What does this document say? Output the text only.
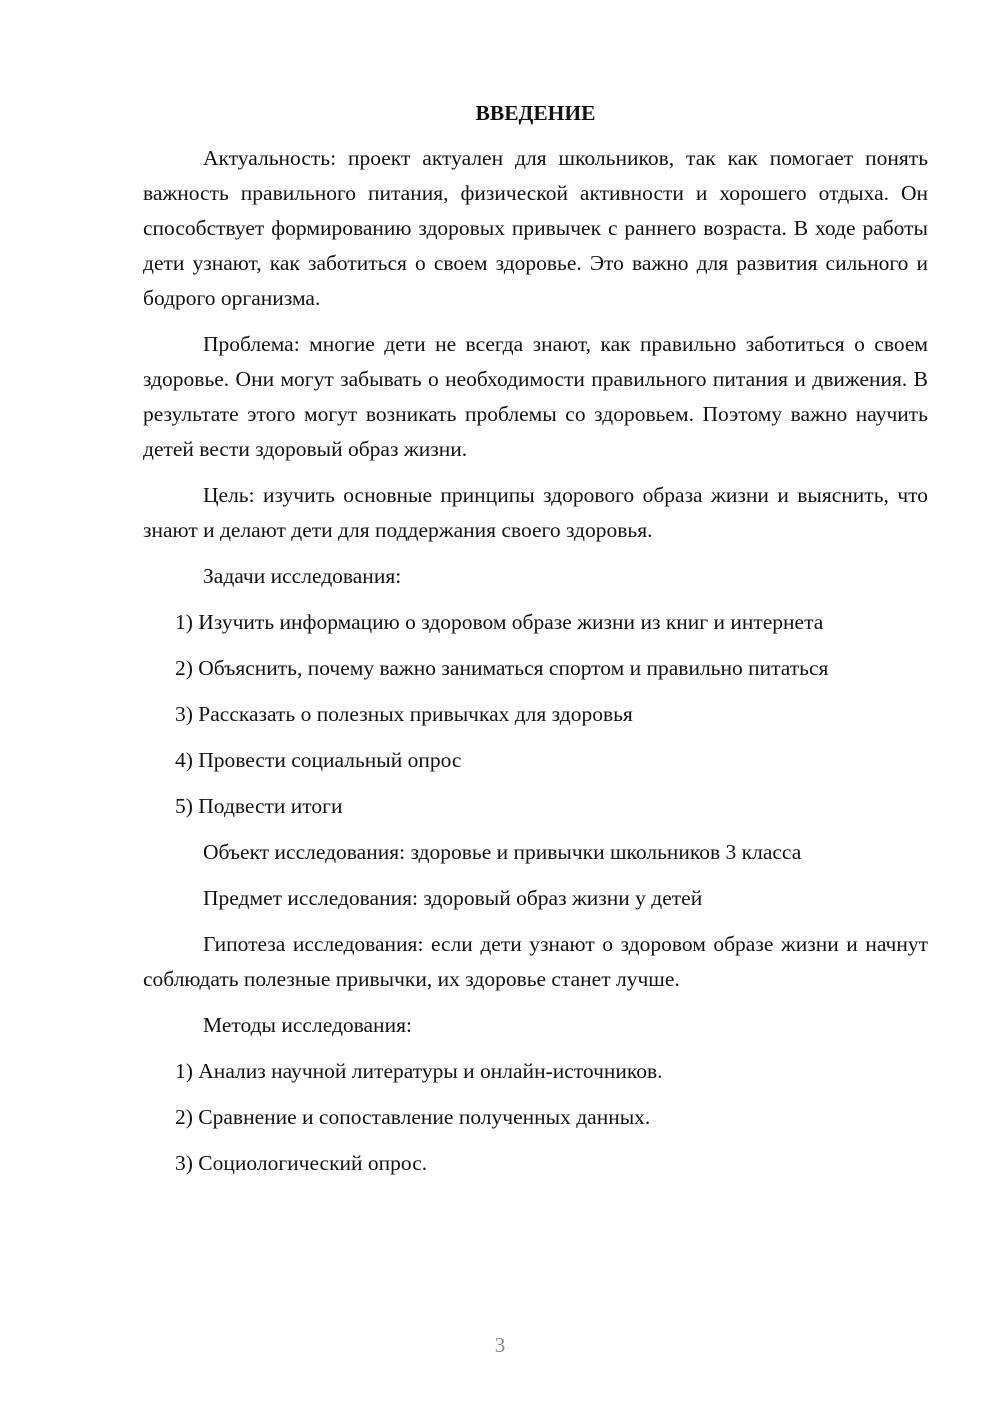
ВВЕДЕНИЕ

Актуальность: проект актуален для школьников, так как помогает понять важность правильного питания, физической активности и хорошего отдыха. Он способствует формированию здоровых привычек с раннего возраста. В ходе работы дети узнают, как заботиться о своем здоровье. Это важно для развития сильного и бодрого организма.

Проблема: многие дети не всегда знают, как правильно заботиться о своем здоровье. Они могут забывать о необходимости правильного питания и движения. В результате этого могут возникать проблемы со здоровьем. Поэтому важно научить детей вести здоровый образ жизни.

Цель: изучить основные принципы здорового образа жизни и выяснить, что знают и делают дети для поддержания своего здоровья.

Задачи исследования:

1) Изучить информацию о здоровом образе жизни из книг и интернета

2) Объяснить, почему важно заниматься спортом и правильно питаться

3) Рассказать о полезных привычках для здоровья

4) Провести социальный опрос

5) Подвести итоги

Объект исследования: здоровье и привычки школьников 3 класса

Предмет исследования: здоровый образ жизни у детей

Гипотеза исследования: если дети узнают о здоровом образе жизни и начнут соблюдать полезные привычки, их здоровье станет лучше.

Методы исследования:

1) Анализ научной литературы и онлайн-источников.

2) Сравнение и сопоставление полученных данных.

3) Социологический опрос.

3
